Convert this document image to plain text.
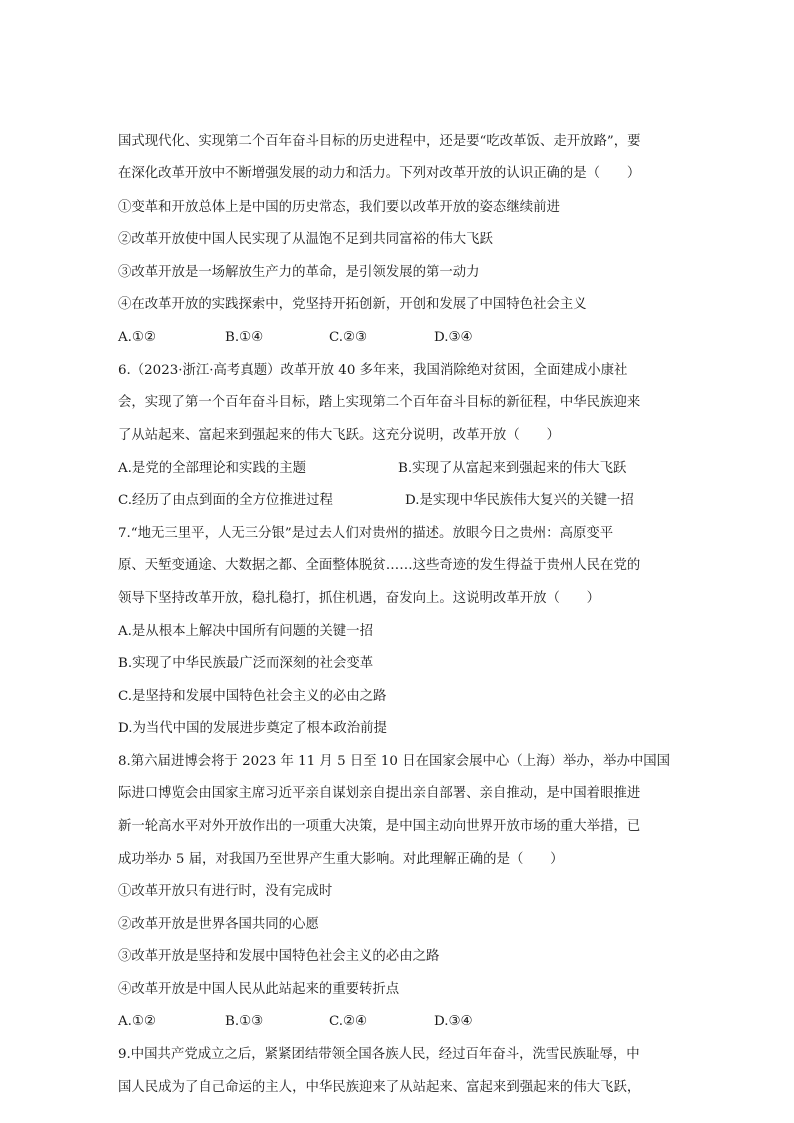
国式现代化、实现第二个百年奋斗目标的历史进程中，还是要“吃改革饭、走开放路”，要
在深化改革开放中不断增强发展的动力和活力。下列对改革开放的认识正确的是（　　）
①变革和开放总体上是中国的历史常态，我们要以改革开放的姿态继续前进
②改革开放使中国人民实现了从温饱不足到共同富裕的伟大飞跃
③改革开放是一场解放生产力的革命，是引领发展的第一动力
④在改革开放的实践探索中，党坚持开拓创新，开创和发展了中国特色社会主义
A.①②	B.①④	C.②③	D.③④
6.（2023·浙江·高考真题）改革开放 40 多年来，我国消除绝对贫困，全面建成小康社
会，实现了第一个百年奋斗目标，踏上实现第二个百年奋斗目标的新征程，中华民族迎来
了从站起来、富起来到强起来的伟大飞跃。这充分说明，改革开放（　　）
A.是党的全部理论和实践的主题	B.实现了从富起来到强起来的伟大飞跃
C.经历了由点到面的全方位推进过程	D.是实现中华民族伟大复兴的关键一招
7.“地无三里平，人无三分银”是过去人们对贵州的描述。放眼今日之贵州：高原变平
原、天堑变通途、大数据之都、全面整体脱贫……这些奇迹的发生得益于贵州人民在党的
领导下坚持改革开放，稳扎稳打，抓住机遇，奋发向上。这说明改革开放（　　）
A.是从根本上解决中国所有问题的关键一招
B.实现了中华民族最广泛而深刻的社会变革
C.是坚持和发展中国特色社会主义的必由之路
D.为当代中国的发展进步奠定了根本政治前提
8.第六届进博会将于 2023 年 11 月 5 日至 10 日在国家会展中心（上海）举办，举办中国国
际进口博览会由国家主席习近平亲自谋划亲自提出亲自部署、亲自推动，是中国着眼推进
新一轮高水平对外开放作出的一项重大决策，是中国主动向世界开放市场的重大举措，已
成功举办 5 届，对我国乃至世界产生重大影响。对此理解正确的是（　　）
①改革开放只有进行时，没有完成时
②改革开放是世界各国共同的心愿
③改革开放是坚持和发展中国特色社会主义的必由之路
④改革开放是中国人民从此站起来的重要转折点
A.①②	B.①③	C.②④	D.③④
9.中国共产党成立之后，紧紧团结带领全国各族人民，经过百年奋斗，洗雪民族耻辱，中
国人民成为了自己命运的主人，中华民族迎来了从站起来、富起来到强起来的伟大飞跃，
